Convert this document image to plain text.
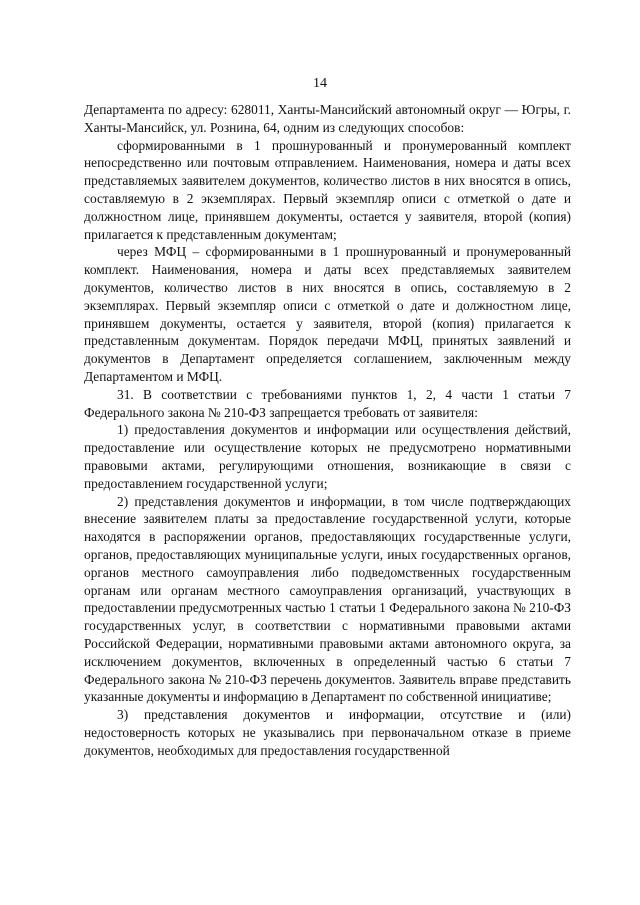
14

Департамента по адресу: 628011, Ханты-Мансийский автономный округ — Югры, г. Ханты-Мансийск, ул. Рознина, 64, одним из следующих способов:

сформированными в 1 прошнурованный и пронумерованный комплект непосредственно или почтовым отправлением. Наименования, номера и даты всех представляемых заявителем документов, количество листов в них вносятся в опись, составляемую в 2 экземплярах. Первый экземпляр описи с отметкой о дате и должностном лице, принявшем документы, остается у заявителя, второй (копия) прилагается к представленным документам;

через МФЦ – сформированными в 1 прошнурованный и пронумерованный комплект. Наименования, номера и даты всех представляемых заявителем документов, количество листов в них вносятся в опись, составляемую в 2 экземплярах. Первый экземпляр описи с отметкой о дате и должностном лице, принявшем документы, остается у заявителя, второй (копия) прилагается к представленным документам. Порядок передачи МФЦ, принятых заявлений и документов в Департамент определяется соглашением, заключенным между Департаментом и МФЦ.

31. В соответствии с требованиями пунктов 1, 2, 4 части 1 статьи 7 Федерального закона № 210-ФЗ запрещается требовать от заявителя:

1) предоставления документов и информации или осуществления действий, предоставление или осуществление которых не предусмотрено нормативными правовыми актами, регулирующими отношения, возникающие в связи с предоставлением государственной услуги;

2) представления документов и информации, в том числе подтверждающих внесение заявителем платы за предоставление государственной услуги, которые находятся в распоряжении органов, предоставляющих государственные услуги, органов, предоставляющих муниципальные услуги, иных государственных органов, органов местного самоуправления либо подведомственных государственным органам или органам местного самоуправления организаций, участвующих в предоставлении предусмотренных частью 1 статьи 1 Федерального закона № 210-ФЗ государственных услуг, в соответствии с нормативными правовыми актами Российской Федерации, нормативными правовыми актами автономного округа, за исключением документов, включенных в определенный частью 6 статьи 7 Федерального закона № 210-ФЗ перечень документов. Заявитель вправе представить указанные документы и информацию в Департамент по собственной инициативе;

3) представления документов и информации, отсутствие и (или) недостоверность которых не указывались при первоначальном отказе в приеме документов, необходимых для предоставления государственной
